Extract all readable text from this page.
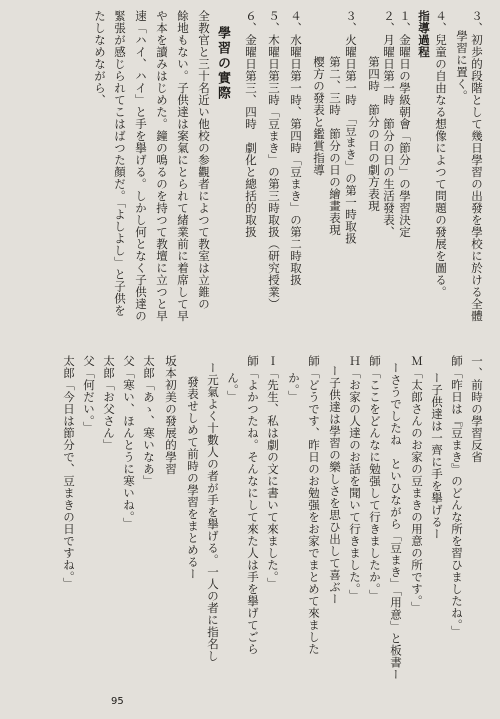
３、初歩的段階として幾日學習の出發を學校に於ける全體
學習に置く。
４、兒童の自由なる想像によつて問題の發展を圖る。
指導過程
１、金曜日の學級朝會「節分」の學習決定
２、月曜日第一時　節分の日の生活發表、
第四時　節分の日の劇方表現
３、火曜日第一時　「豆まき」の第一時取扱
第二、三時　節分の日の繪畫表現
樱方の發表と鑑賞指導
４、水曜日第一時、第四時「豆まき」の第二時取扱
５、木曜日第三時「豆まき」の第三時取扱（研究授業）
６、金曜日第三、四時　劇化と總括的取扱
學習の實際
全教官と三十名近い他校の参觀者によつて教室は立錐の
餘地もない。子供達は案氣にとられて緒業前に着席して早
や本を讀みはじめた。鐘の鳴るのを持つて教壇に立つと早
速「ハイ、ハイ」と手を擧げる。しかし何となく子供達の
緊張が感じられてこはばつた顏だ。「よしよし」と子供を
たしなめながら、
一、前時の學習反省
師「昨日は『豆まき』のどんな所を習ひましたね。」
ー子供達は一齊に手を擧げるー
Ｍ「太郎さんのお家の豆まきの用意の所です。」
ーさうでしたね　といひながら「豆まき」「用意」と板書ー
師「ここをどんなに勉强して行きましたか。」
Ｈ「お家の人達のお話を聞いて行きました。」
ー子供達は學習の樂しさを思ひ出して喜ぶー
師「どうです、昨日のお勉强をお家でまとめて來ました
か。」
Ｉ「先生、私は劇の文に書いて來ました。」
師「よかつたね。そんなにして來た人は手を擧げてごら
ん。」
ー元氣よく十數人の者が手を擧げる。一人の者に指名し
發表せしめて前時の學習をまとめるー
坂本初美の發展的學習
太郎「あゝ、寒いなあ」
父「寒い、ほんとうに寒いね。」
太郎「お父さん」
父「何だい。」
太郎「今日は節分で、豆まきの日ですね。」
95
